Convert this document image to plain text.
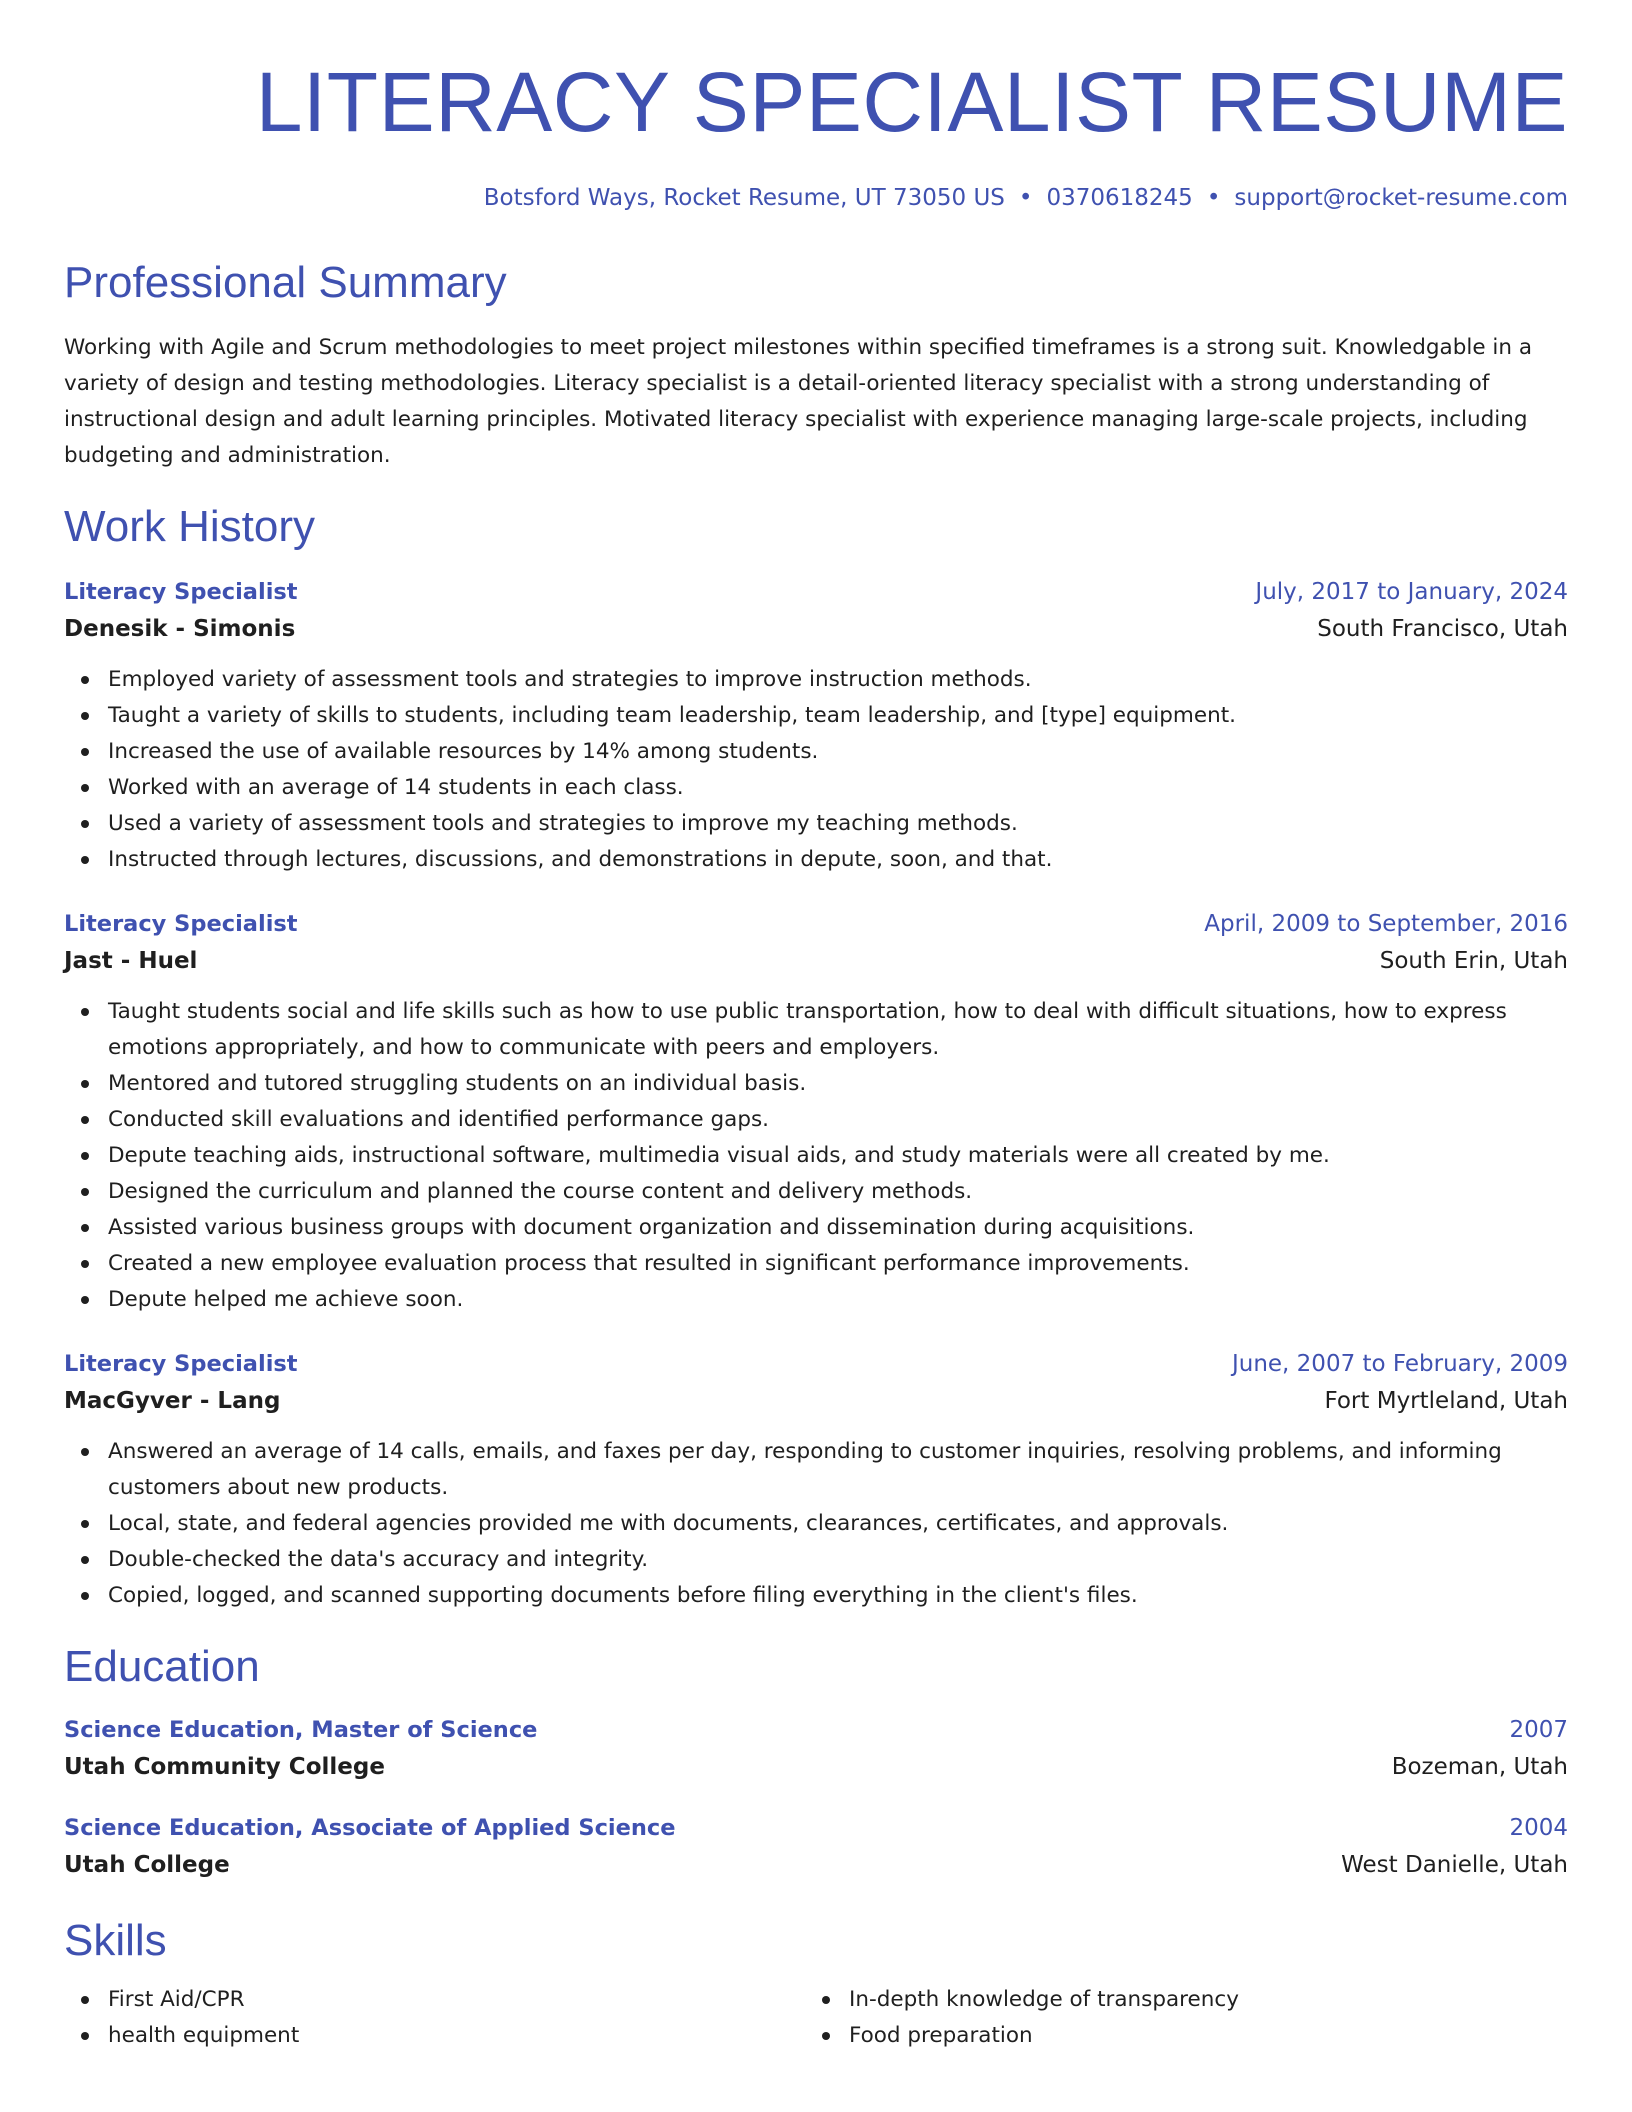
LITERACY SPECIALIST RESUME
Botsford Ways, Rocket Resume, UT 73050 US • 0370618245 • support@rocket-resume.com
Professional Summary
Working with Agile and Scrum methodologies to meet project milestones within specified timeframes is a strong suit. Knowledgable in a variety of design and testing methodologies. Literacy specialist is a detail-oriented literacy specialist with a strong understanding of instructional design and adult learning principles. Motivated literacy specialist with experience managing large-scale projects, including budgeting and administration.
Work History
Literacy Specialist	July, 2017 to January, 2024
Denesik - Simonis	South Francisco, Utah
Employed variety of assessment tools and strategies to improve instruction methods.
Taught a variety of skills to students, including team leadership, team leadership, and [type] equipment.
Increased the use of available resources by 14% among students.
Worked with an average of 14 students in each class.
Used a variety of assessment tools and strategies to improve my teaching methods.
Instructed through lectures, discussions, and demonstrations in depute, soon, and that.
Literacy Specialist	April, 2009 to September, 2016
Jast - Huel	South Erin, Utah
Taught students social and life skills such as how to use public transportation, how to deal with difficult situations, how to express emotions appropriately, and how to communicate with peers and employers.
Mentored and tutored struggling students on an individual basis.
Conducted skill evaluations and identified performance gaps.
Depute teaching aids, instructional software, multimedia visual aids, and study materials were all created by me.
Designed the curriculum and planned the course content and delivery methods.
Assisted various business groups with document organization and dissemination during acquisitions.
Created a new employee evaluation process that resulted in significant performance improvements.
Depute helped me achieve soon.
Literacy Specialist	June, 2007 to February, 2009
MacGyver - Lang	Fort Myrtleland, Utah
Answered an average of 14 calls, emails, and faxes per day, responding to customer inquiries, resolving problems, and informing customers about new products.
Local, state, and federal agencies provided me with documents, clearances, certificates, and approvals.
Double-checked the data's accuracy and integrity.
Copied, logged, and scanned supporting documents before filing everything in the client's files.
Education
Science Education, Master of Science	2007
Utah Community College	Bozeman, Utah
Science Education, Associate of Applied Science	2004
Utah College	West Danielle, Utah
Skills
First Aid/CPR
health equipment
In-depth knowledge of transparency
Food preparation
